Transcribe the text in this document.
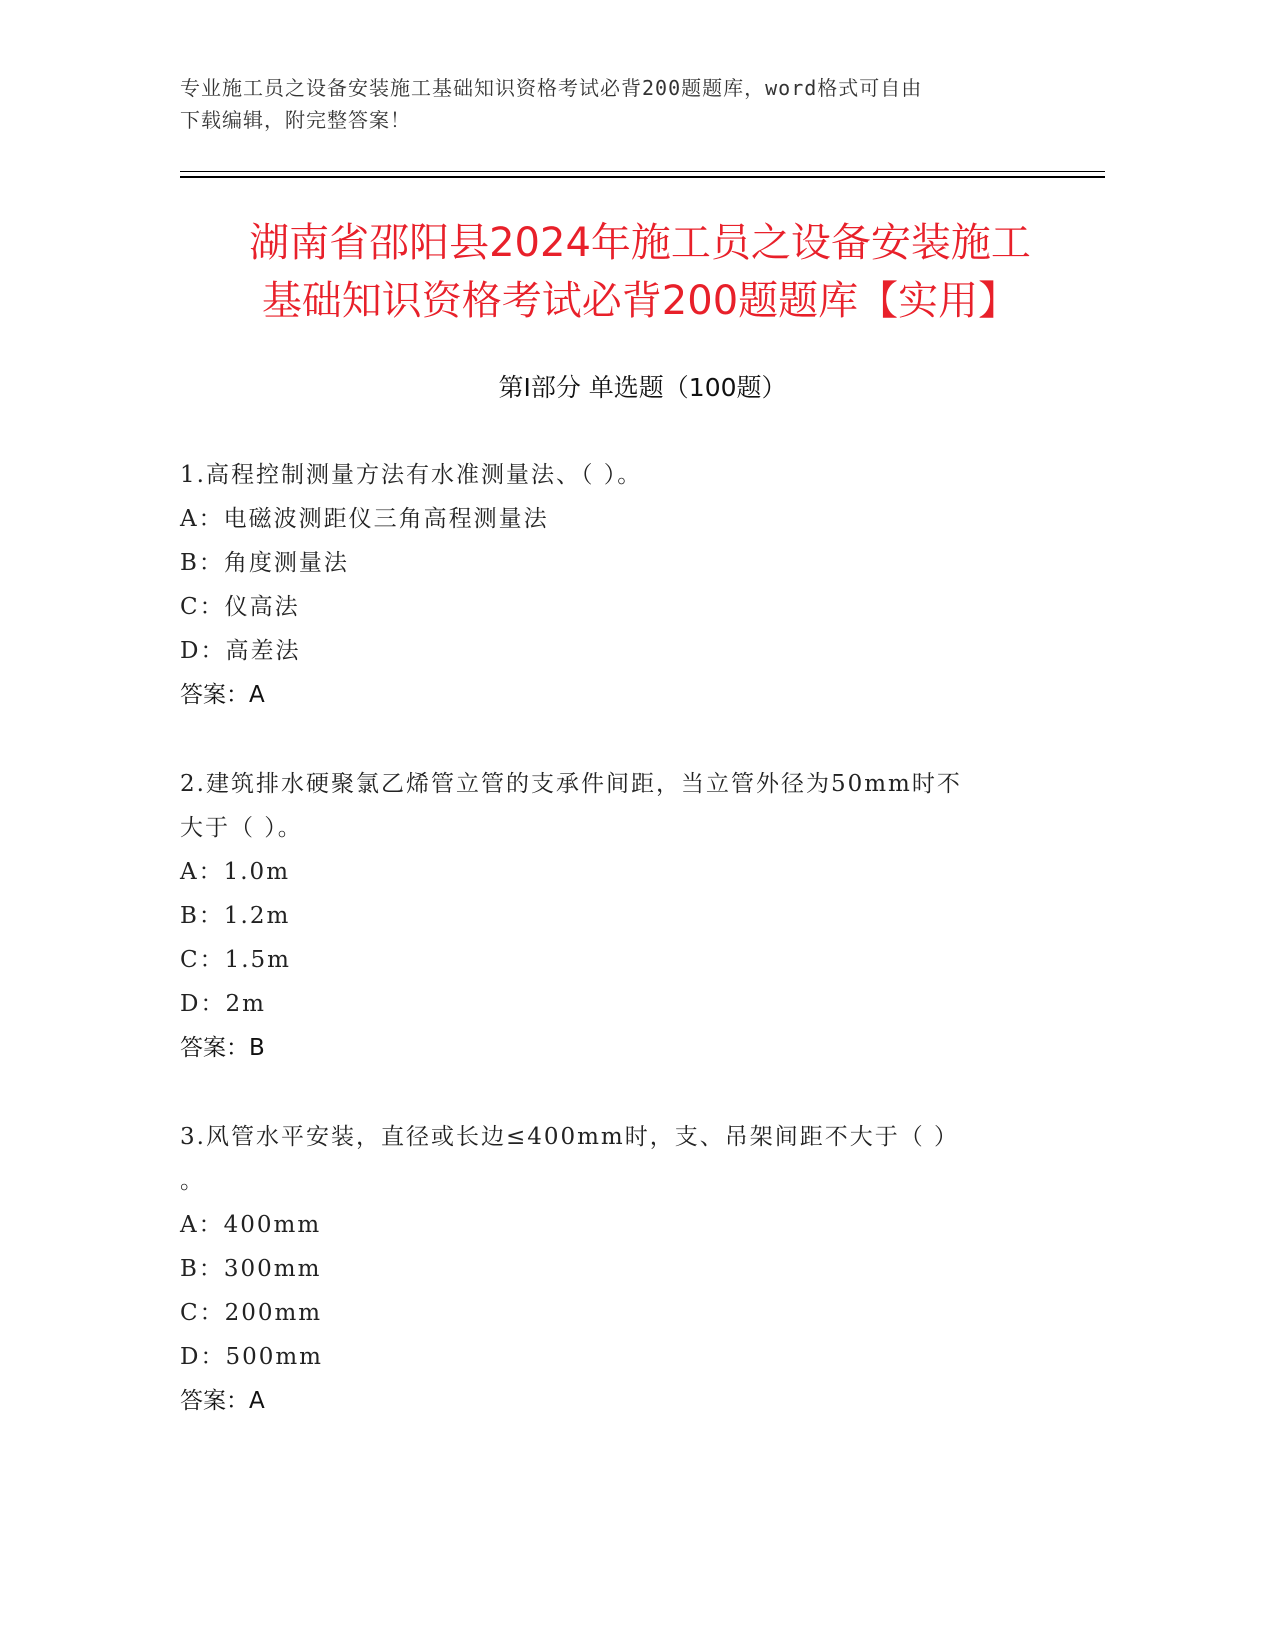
专业施工员之设备安装施工基础知识资格考试必背200题题库，word格式可自由
下载编辑，附完整答案！
湖南省邵阳县2024年施工员之设备安装施工
基础知识资格考试必背200题题库【实用】
第Ⅰ部分 单选题（100题）
1.高程控制测量方法有水准测量法、（ ）。
A：电磁波测距仪三角高程测量法
B：角度测量法
C：仪高法
D：高差法
答案：A
2.建筑排水硬聚氯乙烯管立管的支承件间距，当立管外径为50mm时不
大于（ ）。
A：1.0m
B：1.2m
C：1.5m
D：2m
答案：B
3.风管水平安装，直径或长边≤400mm时，支、吊架间距不大于（ ）
。
A：400mm
B：300mm
C：200mm
D：500mm
答案：A
